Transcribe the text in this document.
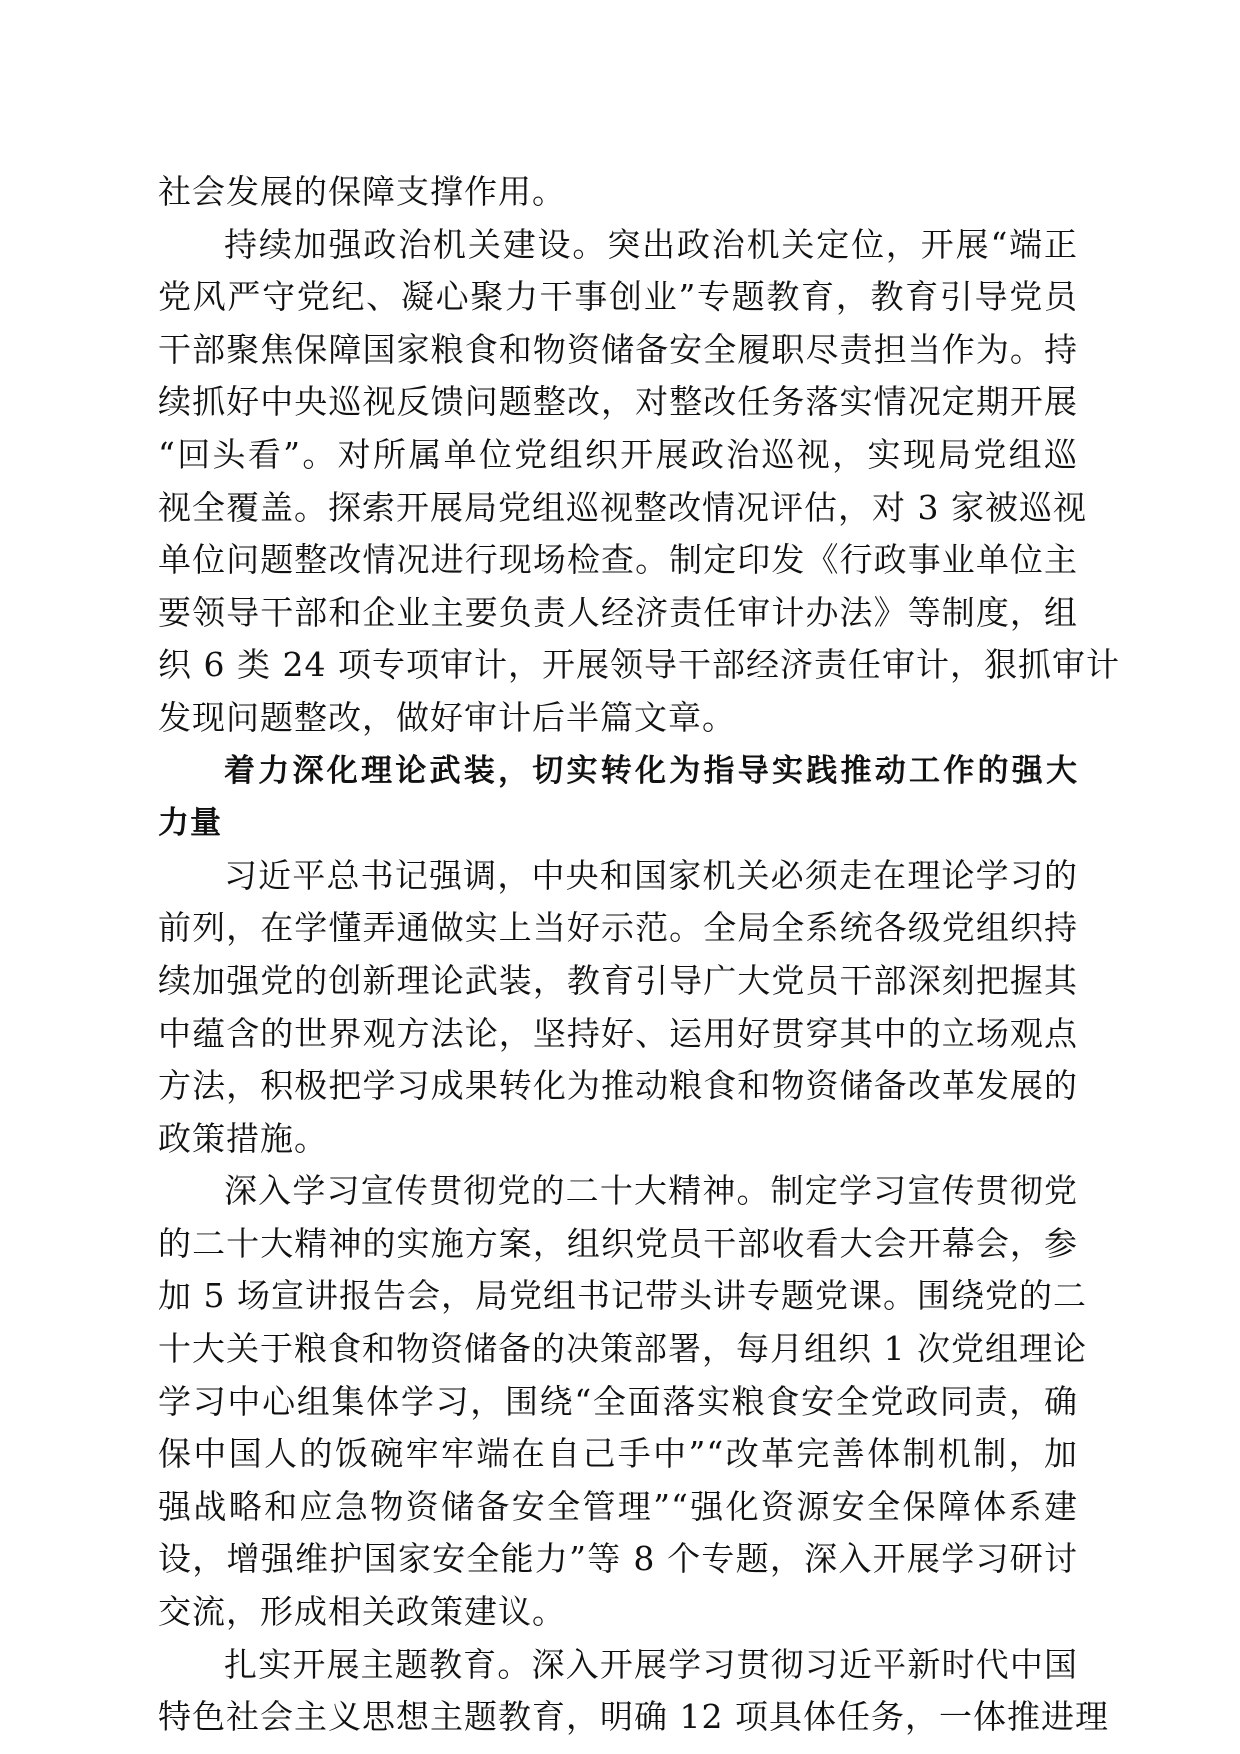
社会发展的保障支撑作用。
持续加强政治机关建设。突出政治机关定位，开展“端正
党风严守党纪、凝心聚力干事创业”专题教育，教育引导党员
干部聚焦保障国家粮食和物资储备安全履职尽责担当作为。持
续抓好中央巡视反馈问题整改，对整改任务落实情况定期开展
“回头看”。对所属单位党组织开展政治巡视，实现局党组巡
视全覆盖。探索开展局党组巡视整改情况评估，对 3 家被巡视
单位问题整改情况进行现场检查。制定印发《行政事业单位主
要领导干部和企业主要负责人经济责任审计办法》等制度，组
织 6 类 24 项专项审计，开展领导干部经济责任审计，狠抓审计
发现问题整改，做好审计后半篇文章。
着力深化理论武装，切实转化为指导实践推动工作的强大
力量
习近平总书记强调，中央和国家机关必须走在理论学习的
前列，在学懂弄通做实上当好示范。全局全系统各级党组织持
续加强党的创新理论武装，教育引导广大党员干部深刻把握其
中蕴含的世界观方法论，坚持好、运用好贯穿其中的立场观点
方法，积极把学习成果转化为推动粮食和物资储备改革发展的
政策措施。
深入学习宣传贯彻党的二十大精神。制定学习宣传贯彻党
的二十大精神的实施方案，组织党员干部收看大会开幕会，参
加 5 场宣讲报告会，局党组书记带头讲专题党课。围绕党的二
十大关于粮食和物资储备的决策部署，每月组织 1 次党组理论
学习中心组集体学习，围绕“全面落实粮食安全党政同责，确
保中国人的饭碗牢牢端在自己手中”“改革完善体制机制，加
强战略和应急物资储备安全管理”“强化资源安全保障体系建
设，增强维护国家安全能力”等 8 个专题，深入开展学习研讨
交流，形成相关政策建议。
扎实开展主题教育。深入开展学习贯彻习近平新时代中国
特色社会主义思想主题教育，明确 12 项具体任务，一体推进理
